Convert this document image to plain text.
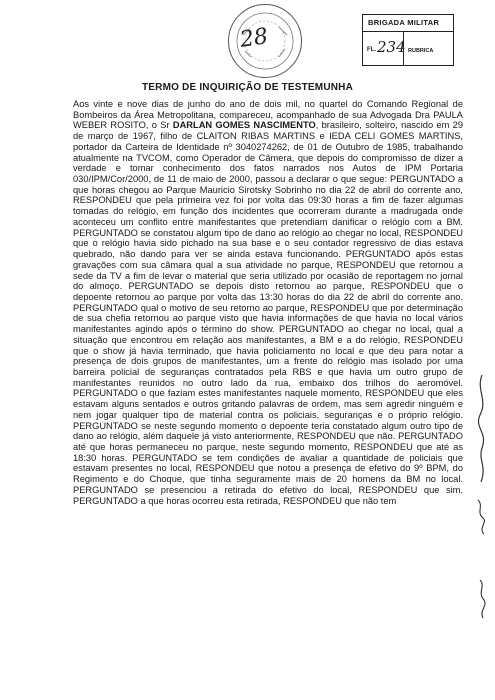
28
BRIGADA MILITAR
FL. 234 RUBRICA
TERMO DE INQUIRIÇÃO DE TESTEMUNHA
Aos vinte e nove dias de junho do ano de dois mil, no quartel do Comando Regional de Bombeiros da Área Metropolitana, compareceu, acompanhado de sua Advogada Dra PAULA WEBER ROSITO, o Sr DARLAN GOMES NASCIMENTO, brasileiro, solteiro, nascido em 29 de março de 1967, filho de CLAITON RIBAS MARTINS e IEDA CELI GOMES MARTINS, portador da Carteira de Identidade nº 3040274262, de 01 de Outubro de 1985, trabalhando atualmente na TVCOM, como Operador de Câmera, que depois do compromisso de dizer a verdade e tomar conhecimento dos fatos narrados nos Autos de IPM Portaria 030/IPM/Cor/2000, de 11 de maio de 2000, passou a declarar o que segue: PERGUNTADO a que horas chegou ao Parque Mauricio Sirotsky Sobrinho no dia 22 de abril do corrente ano, RESPONDEU que pela primeira vez foi por volta das 09:30 horas a fim de fazer algumas tomadas do relógio, em função dos incidentes que ocorreram durante a madrugada onde aconteceu um conflito entre manifestantes que pretendiam danificar o relógio com a BM. PERGUNTADO se constatou algum tipo de dano ao relógio ao chegar no local, RESPONDEU que o relógio havia sido pichado na sua base e o seu contador regressivo de dias estava quebrado, não dando para ver se ainda estava funcionando. PERGUNTADO após estas gravações com sua câmara qual a sua atividade no parque, RESPONDEU que retornou a sede da TV a fim de levar o material que seria utilizado por ocasião de reportagem no jornal do almoço. PERGUNTADO se depois disto retornou ao parque, RESPONDEU que o depoente retornou ao parque por volta das 13:30 horas do dia 22 de abril do corrente ano. PERGUNTADO qual o motivo de seu retorno ao parque, RESPONDEU que por determinação de sua chefia retornou ao parque visto que havia informações de que havia no local vários manifestantes agindo após o término do show. PERGUNTADO ao chegar no local, qual a situação que encontrou em relação aos manifestantes, a BM e a do relógio, RESPONDEU que o show já havia terminado, que havia policiamento no local e que deu para notar a presença de dois grupos de manifestantes, um a frente do relógio mas isolado por uma barreira policial de seguranças contratados pela RBS e que havia um outro grupo de manifestantes reunidos no outro lado da rua, embaixo dos trilhos do aeromóvel. PERGUNTADO o que faziam estes manifestantes naquele momento, RESPONDEU que eles estavam alguns sentados e outros gritando palavras de ordem, mas sem agredir ninguém e nem jogar qualquer tipo de material contra os policiais, seguranças e o próprio relógio. PERGUNTADO se neste segundo momento o depoente teria constatado algum outro tipo de dano ao relógio, além daquele já visto anteriormente, RESPONDEU que não. PERGUNTADO até que horas permaneceu no parque, neste segundo momento, RESPONDEU que até as 18:30 horas. PERGUNTADO se tem condições de avaliar a quantidade de policiais que estavam presentes no local, RESPONDEU que notou a presença de efetivo do 9º BPM, do Regimento e do Choque, que tinha seguramente mais de 20 homens da BM no local. PERGUNTADO se presenciou a retirada do efetivo do local, RESPONDEU que sim. PERGUNTADO a que horas ocorreu esta retirada, RESPONDEU que não tem
